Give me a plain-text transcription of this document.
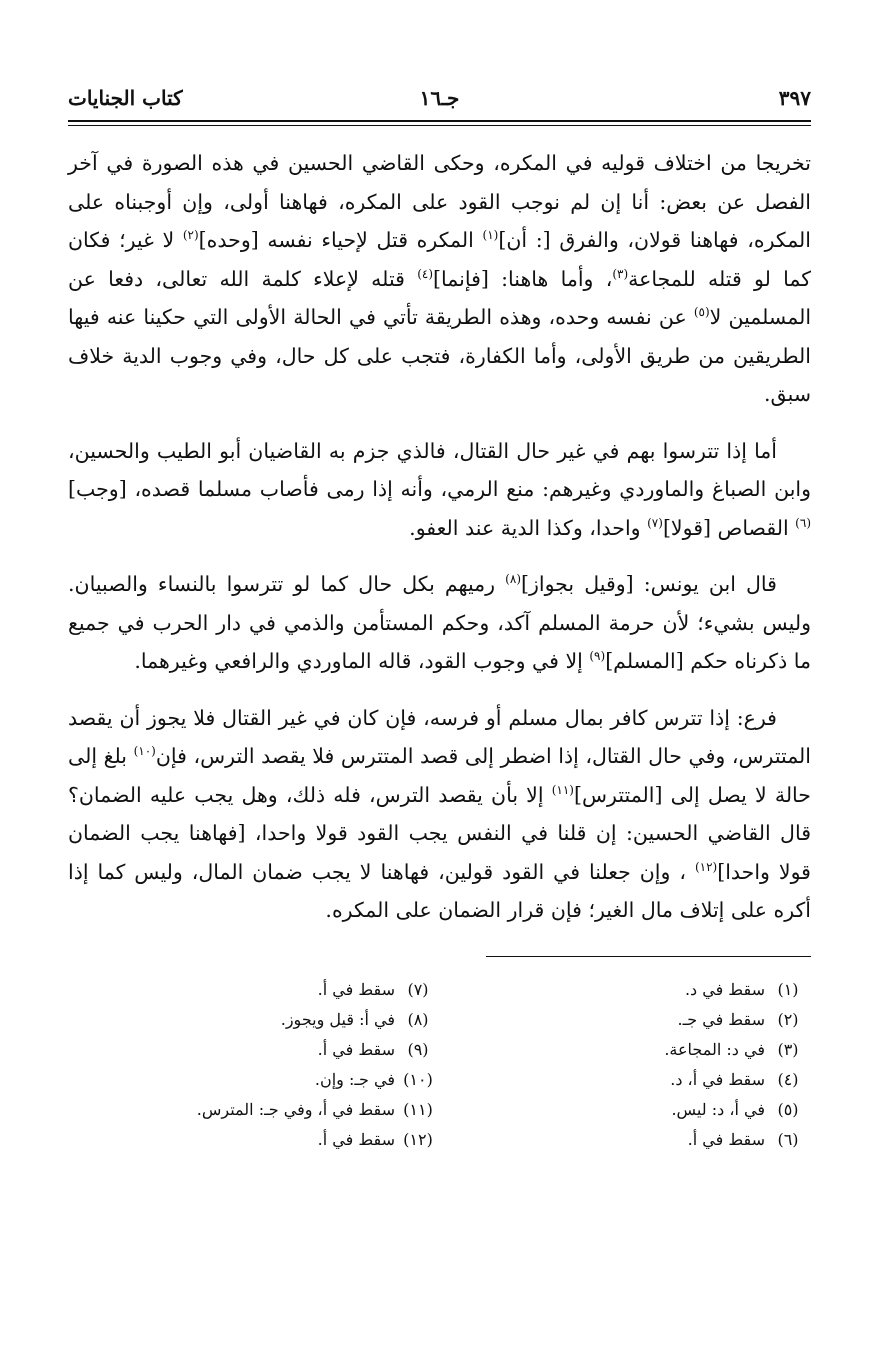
٣٩٧
جـ١٦
كتاب الجنايات

تخريجا من اختلاف قوليه في المكره، وحكى القاضي الحسين في هذه الصورة في آخر الفصل عن بعض: أنا إن لم نوجب القود على المكره، فهاهنا أولى، وإن أوجبناه على المكره، فهاهنا قولان، والفرق [: أن]$^{(١)}$ المكره قتل لإحياء نفسه [وحده]$^{(٢)}$ لا غير؛ فكان كما لو قتله للمجاعة$^{(٣)}$، وأما هاهنا: [فإنما]$^{(٤)}$ قتله لإعلاء كلمة الله تعالى، دفعا عن المسلمين لا$^{(٥)}$ عن نفسه وحده، وهذه الطريقة تأتي في الحالة الأولى التي حكينا عنه فيها الطريقين من طريق الأولى، وأما الكفارة، فتجب على كل حال، وفي وجوب الدية خلاف سبق.

أما إذا تترسوا بهم في غير حال القتال، فالذي جزم به القاضيان أبو الطيب والحسين، وابن الصباغ والماوردي وغيرهم: منع الرمي، وأنه إذا رمى فأصاب مسلما قصده، [وجب]$^{(٦)}$ القصاص [قولا]$^{(٧)}$ واحدا، وكذا الدية عند العفو.

قال ابن يونس: [وقيل بجواز]$^{(٨)}$ رميهم بكل حال كما لو تترسوا بالنساء والصبيان. وليس بشيء؛ لأن حرمة المسلم آكد، وحكم المستأمن والذمي في دار الحرب في جميع ما ذكرناه حكم [المسلم]$^{(٩)}$ إلا في وجوب القود، قاله الماوردي والرافعي وغيرهما.

فرع: إذا تترس كافر بمال مسلم أو فرسه، فإن كان في غير القتال فلا يجوز أن يقصد المتترس، وفي حال القتال، إذا اضطر إلى قصد المتترس فلا يقصد الترس، فإن$^{(١٠)}$ بلغ إلى حالة لا يصل إلى [المتترس]$^{(١١)}$ إلا بأن يقصد الترس، فله ذلك، وهل يجب عليه الضمان؟ قال القاضي الحسين: إن قلنا في النفس يجب القود قولا واحدا، [فهاهنا يجب الضمان قولا واحدا]$^{(١٢)}$ ، وإن جعلنا في القود قولين، فهاهنا لا يجب ضمان المال، وليس كما إذا أكره على إتلاف مال الغير؛ فإن قرار الضمان على المكره.

(١)
سقط في د.
(٢)
سقط في جـ.
(٣)
في د: المجاعة.
(٤)
سقط في أ، د.
(٥)
في أ، د: ليس.
(٦)
سقط في أ.
(٧)
سقط في أ.
(٨)
في أ: قيل ويجوز.
(٩)
سقط في أ.
(١٠)
في جـ: وإن.
(١١)
سقط في أ، وفي جـ: المترس.
(١٢)
سقط في أ.
